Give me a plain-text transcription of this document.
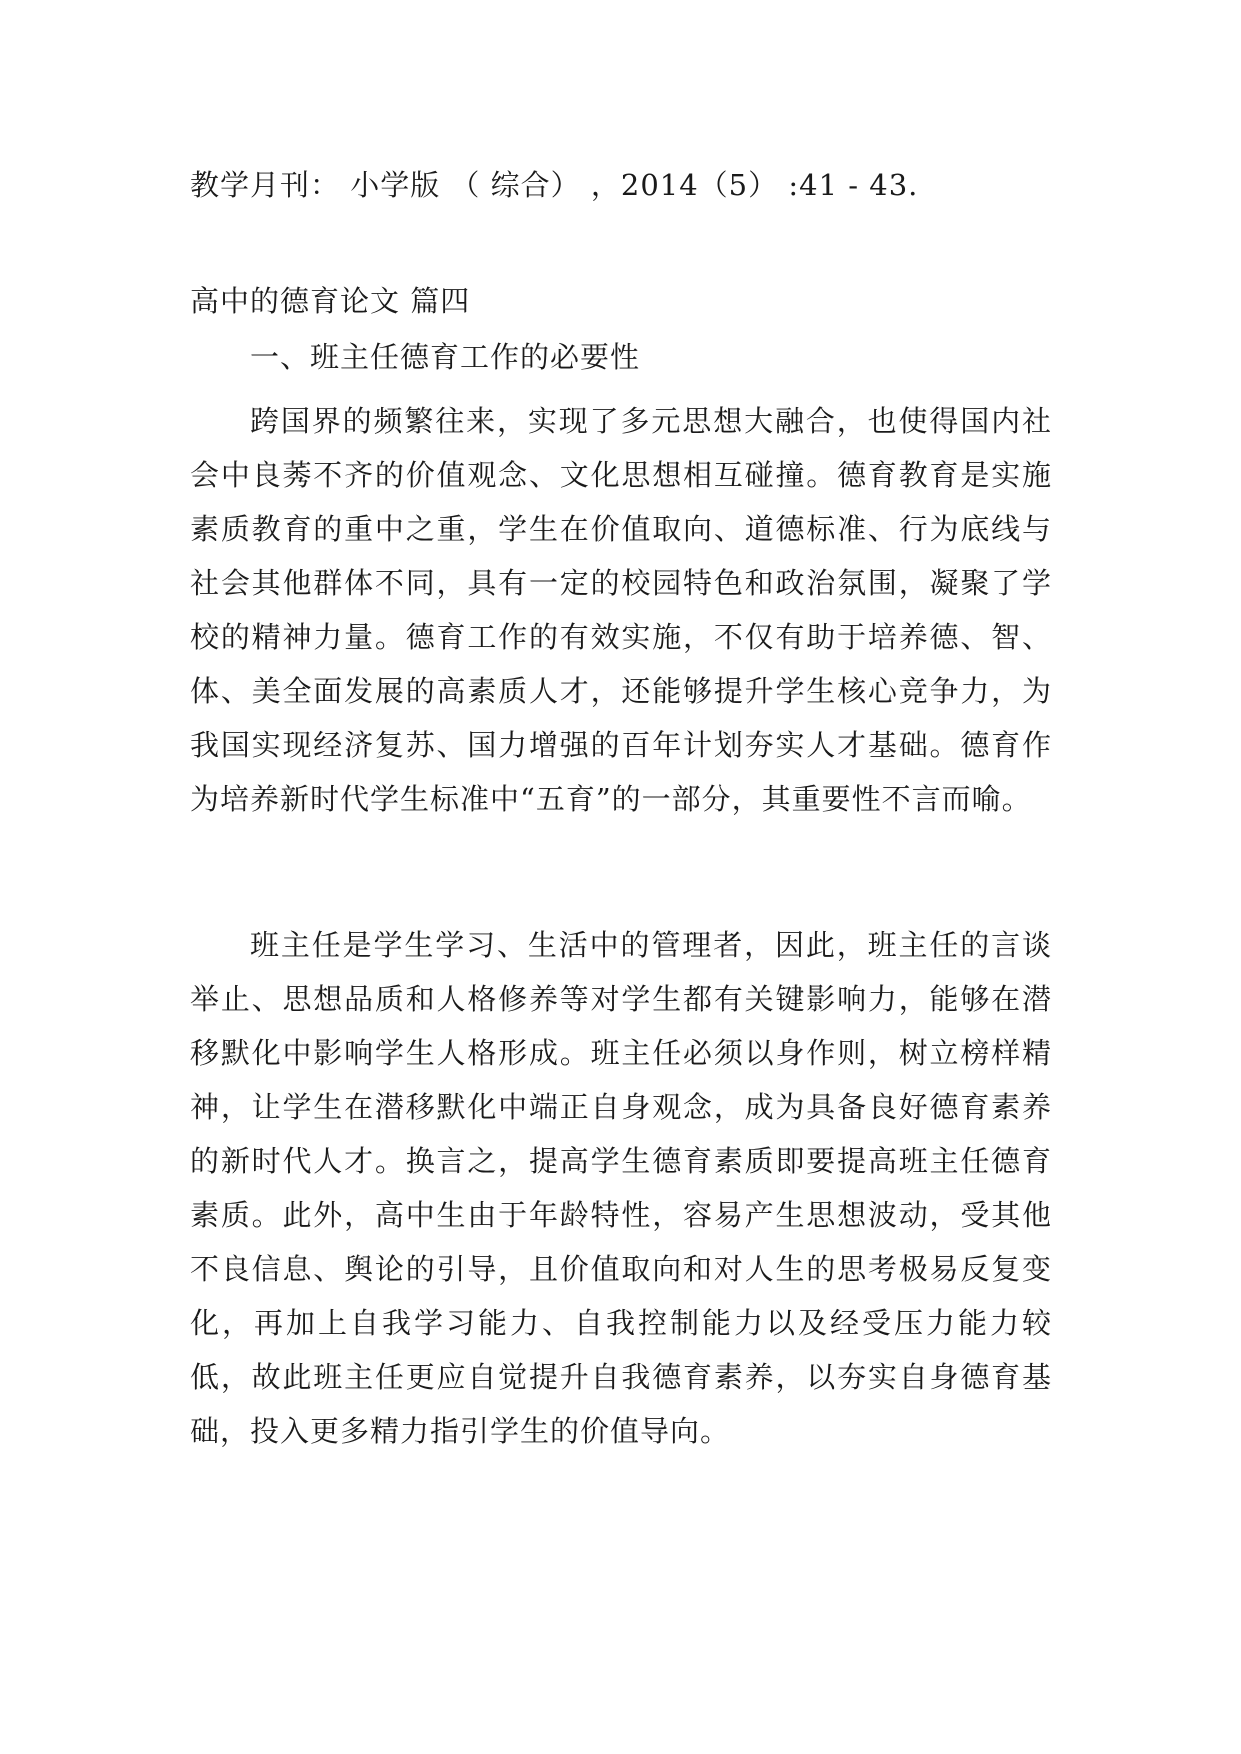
教学月刊： 小学版 （ 综合） ，2014（5） :41 - 43.
高中的德育论文 篇四
一、班主任德育工作的必要性

跨国界的频繁往来，实现了多元思想大融合，也使得国内社会中良莠不齐的价值观念、文化思想相互碰撞。德育教育是实施素质教育的重中之重，学生在价值取向、道德标准、行为底线与社会其他群体不同，具有一定的校园特色和政治氛围，凝聚了学校的精神力量。德育工作的有效实施，不仅有助于培养德、智、体、美全面发展的高素质人才，还能够提升学生核心竞争力，为我国实现经济复苏、国力增强的百年计划夯实人才基础。德育作为培养新时代学生标准中“五育”的一部分，其重要性不言而喻。

班主任是学生学习、生活中的管理者，因此，班主任的言谈举止、思想品质和人格修养等对学生都有关键影响力，能够在潜移默化中影响学生人格形成。班主任必须以身作则，树立榜样精神，让学生在潜移默化中端正自身观念，成为具备良好德育素养的新时代人才。换言之，提高学生德育素质即要提高班主任德育素质。此外，高中生由于年龄特性，容易产生思想波动，受其他不良信息、舆论的引导，且价值取向和对人生的思考极易反复变化，再加上自我学习能力、自我控制能力以及经受压力能力较低，故此班主任更应自觉提升自我德育素养，以夯实自身德育基础，投入更多精力指引学生的价值导向。
